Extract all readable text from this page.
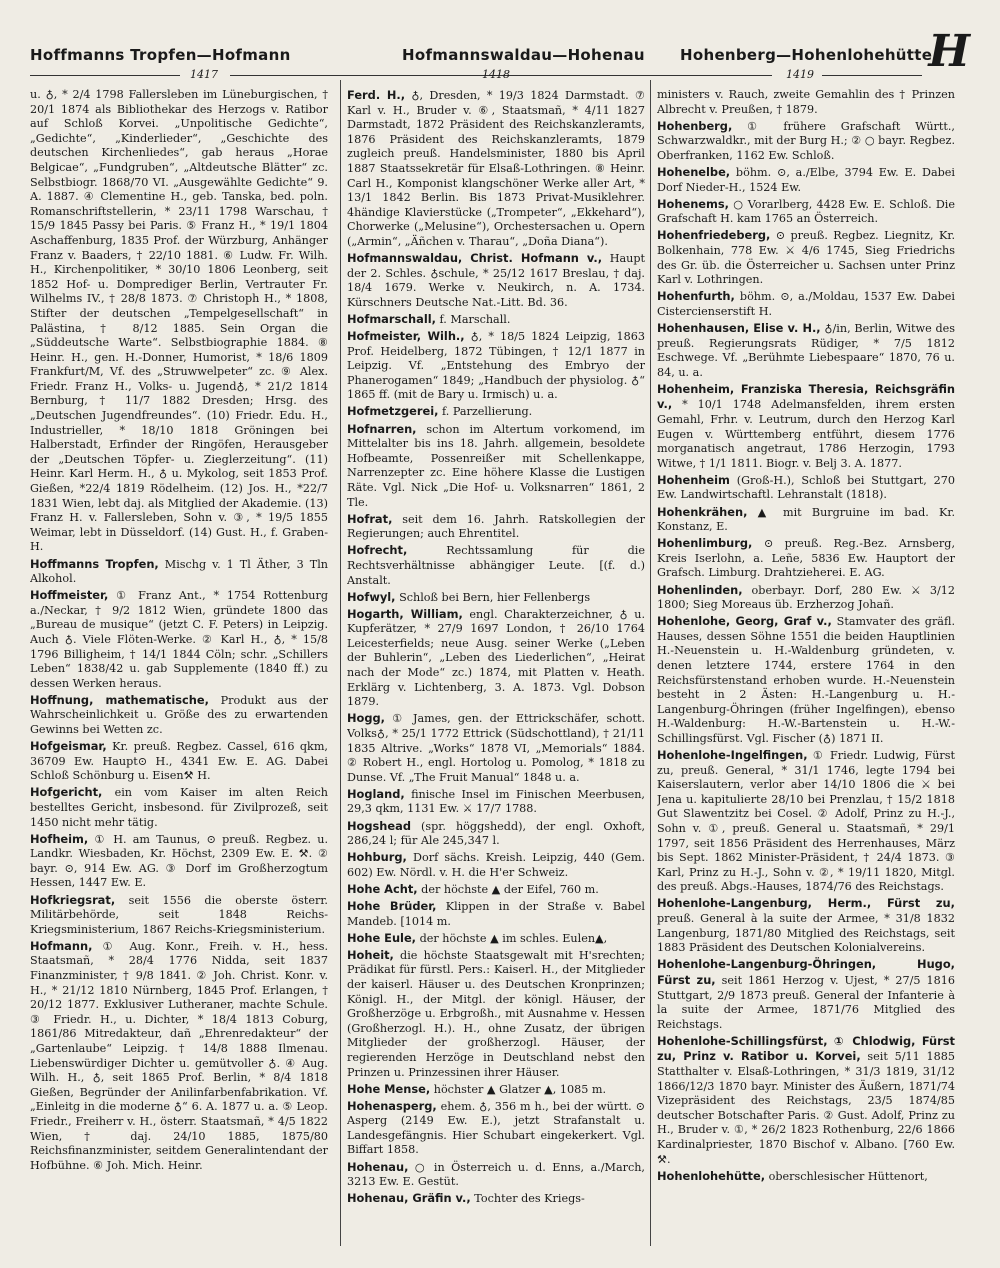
Hoffmanns Tropfen—Hofmann
1417
Hofmannswaldau—Hohenau
1418
Hohenberg—Hohenlohehütte
1419	H

u. ♁, * 2/4 1798 Fallersleben im Lüneburgischen, † 20/1 1874 als Bibliothekar des Herzogs v. Ratibor auf Schloß Korvei. „Unpolitische Gedichte“, „Gedichte“, „Kinderlieder“, „Geschichte des deutschen Kirchenliedes“, gab heraus „Horae Belgicae“, „Fundgruben“, „Altdeutsche Blätter“ zc. Selbstbiogr. 1868/70 VI. „Ausgewählte Gedichte“ 9. A. 1887. ④ Clementine H., geb. Tanska, bed. poln. Romanschriftstellerin, * 23/11 1798 Warschau, † 15/9 1845 Passy bei Paris. ⑤ Franz H., * 19/1 1804 Aschaffenburg, 1835 Prof. der Würzburg, Anhänger Franz v. Baaders, † 22/10 1881. ⑥ Ludw. Fr. Wilh. H., Kirchenpolitiker, * 30/10 1806 Leonberg, seit 1852 Hof- u. Domprediger Berlin, Vertrauter Fr. Wilhelms IV., † 28/8 1873. ⑦ Christoph H., * 1808, Stifter der deutschen „Tempelgesellschaft“ in Palästina, † 8/12 1885. Sein Organ die „Süddeutsche Warte“. Selbstbiographie 1884. ⑧ Heinr. H., gen. H.-Donner, Humorist, * 18/6 1809 Frankfurt/M, Vf. des „Struwwelpeter“ zc. ⑨ Alex. Friedr. Franz H., Volks- u. Jugend♁, * 21/2 1814 Bernburg, † 11/7 1882 Dresden; Hrsg. des „Deutschen Jugendfreundes“. (10) Friedr. Edu. H., Industrieller, * 18/10 1818 Gröningen bei Halberstadt, Erfinder der Ringöfen, Herausgeber der „Deutschen Töpfer- u. Zieglerzeitung“. (11) Heinr. Karl Herm. H., ♁ u. Mykolog, seit 1853 Prof. Gießen, *22/4 1819 Rödelheim. (12) Jos. H., *22/7 1831 Wien, lebt daj. als Mitglied der Akademie. (13) Franz H. v. Fallersleben, Sohn v. ③, * 19/5 1855 Weimar, lebt in Düsseldorf. (14) Gust. H., f. Graben-H.

Hoffmanns Tropfen, Mischg v. 1 Tl Äther, 3 Tln Alkohol.

Hoffmeister, ① Franz Ant., * 1754 Rottenburg a./Neckar, † 9/2 1812 Wien, gründete 1800 das „Bureau de musique“ (jetzt C. F. Peters) in Leipzig. Auch ♁. Viele Flöten-Werke. ② Karl H., ♁, * 15/8 1796 Billigheim, † 14/1 1844 Cöln; schr. „Schillers Leben“ 1838/42 u. gab Supplemente (1840 ff.) zu dessen Werken heraus.

Hoffnung, mathematische, Produkt aus der Wahrscheinlichkeit u. Größe des zu erwartenden Gewinns bei Wetten zc.

Hofgeismar, Kr. preuß. Regbez. Cassel, 616 qkm, 36709 Ew. Haupt⊙ H., 4341 Ew. E. AG. Dabei Schloß Schönburg u. Eisen⚒ H.

Hofgericht, ein vom Kaiser im alten Reich bestelltes Gericht, insbesond. für Zivilprozeß, seit 1450 nicht mehr tätig.

Hofheim, ① H. am Taunus, ⊙ preuß. Regbez. u. Landkr. Wiesbaden, Kr. Höchst, 2309 Ew. E. ⚒. ② bayr. ⊙, 914 Ew. AG. ③ Dorf im Großherzogtum Hessen, 1447 Ew. E.

Hofkriegsrat, seit 1556 die oberste österr. Militärbehörde, seit 1848 Reichs-Kriegsministerium, 1867 Reichs-Kriegsministerium.

Hofmann, ① Aug. Konr., Freih. v. H., hess. Staatsmañ, * 28/4 1776 Nidda, seit 1837 Finanzminister, † 9/8 1841. ② Joh. Christ. Konr. v. H., * 21/12 1810 Nürnberg, 1845 Prof. Erlangen, † 20/12 1877. Exklusiver Lutheraner, machte Schule. ③ Friedr. H., u. Dichter, * 18/4 1813 Coburg, 1861/86 Mitredakteur, dañ „Ehrenredakteur“ der „Gartenlaube“ Leipzig. † 14/8 1888 Ilmenau. Liebenswürdiger Dichter u. gemütvoller ♁. ④ Aug. Wilh. H., ♁, seit 1865 Prof. Berlin, * 8/4 1818 Gießen, Begründer der Anilinfarbenfabrikation. Vf. „Einleitg in die moderne ♁“ 6. A. 1877 u. a. ⑤ Leop. Friedr., Freiherr v. H., österr. Staatsmañ, * 4/5 1822 Wien, † daj. 24/10 1885, 1875/80 Reichsfinanzminister, seitdem Generalintendant der Hofbühne. ⑥ Joh. Mich. Heinr.

Ferd. H., ♁, Dresden, * 19/3 1824 Darmstadt. ⑦ Karl v. H., Bruder v. ⑥, Staatsmañ, * 4/11 1827 Darmstadt, 1872 Präsident des Reichskanzleramts, 1876 Präsident des Reichskanzleramts, 1879 zugleich preuß. Handelsminister, 1880 bis April 1887 Staatssekretär für Elsaß-Lothringen. ⑧ Heinr. Carl H., Komponist klangschöner Werke aller Art, * 13/1 1842 Berlin. Bis 1873 Privat-Musiklehrer. 4händige Klavierstücke („Trompeter“, „Ekkehard“), Chorwerke („Melusine“), Orchestersachen u. Opern („Armin“, „Äñchen v. Tharau“, „Doña Diana“).

Hofmannswaldau, Christ. Hofmann v., Haupt der 2. Schles. ♁schule, * 25/12 1617 Breslau, † daj. 18/4 1679. Werke v. Neukirch, n. A. 1734. Kürschners Deutsche Nat.-Litt. Bd. 36.

Hofmarschall, f. Marschall.

Hofmeister, Wilh., ♁, * 18/5 1824 Leipzig, 1863 Prof. Heidelberg, 1872 Tübingen, † 12/1 1877 in Leipzig. Vf. „Entstehung des Embryo der Phanerogamen“ 1849; „Handbuch der physiolog. ♁“ 1865 ff. (mit de Bary u. Irmisch) u. a.

Hofmetzgerei, f. Parzellierung.

Hofnarren, schon im Altertum vorkomend, im Mittelalter bis ins 18. Jahrh. allgemein, besoldete Hofbeamte, Possenreißer mit Schellenkappe, Narrenzepter zc. Eine höhere Klasse die Lustigen Räte. Vgl. Nick „Die Hof- u. Volksnarren“ 1861, 2 Tle.

Hofrat, seit dem 16. Jahrh. Ratskollegien der Regierungen; auch Ehrentitel.

Hofrecht,	Rechtssamlung für die Rechtsverhältnisse abhängiger Leute. [(f. d.) Anstalt.

Hofwyl, Schloß bei Bern, hier Fellenbergs

Hogarth, William, engl. Charakterzeichner, ♁ u. Kupferätzer, * 27/9 1697 London, † 26/10 1764 Leicesterfields; neue Ausg. seiner Werke („Leben der Buhlerin“, „Leben des Liederlichen“, „Heirat nach der Mode“ zc.) 1874, mit Platten v. Heath. Erklärg v. Lichtenberg, 3. A. 1873. Vgl. Dobson 1879.

Hogg, ① James, gen. der Ettrickschäfer, schott. Volks♁, * 25/1 1772 Ettrick (Südschottland), † 21/11 1835 Altrive. „Works“ 1878 VI, „Memorials“ 1884. ② Robert H., engl. Hortolog u. Pomolog, * 1818 zu Dunse. Vf. „The Fruit Manual“ 1848 u. a.

Hogland, finische Insel im Finischen Meerbusen, 29,3 qkm, 1131 Ew. ⚔ 17/7 1788.

Hogshead (spr. höggshedd), der engl. Oxhoft, 286,24 l; für Ale 245,347 l.

Hohburg, Dorf sächs. Kreish. Leipzig, 440 (Gem. 602) Ew. Nördl. v. H. die H'er Schweiz.

Hohe Acht, der höchste ▲ der Eifel, 760 m.

Hohe Brüder, Klippen in der Straße v. Babel Mandeb. [1014 m.

Hohe Eule, der höchste ▲ im schles. Eulen▲,

Hoheit, die höchste Staatsgewalt mit H'srechten; Prädikat für fürstl. Pers.: Kaiserl. H., der Mitglieder der kaiserl. Häuser u. des Deutschen Kronprinzen; Königl. H., der Mitgl. der königl. Häuser, der Großherzöge u. Erbgroßh., mit Ausnahme v. Hessen (Großherzogl. H.). H., ohne Zusatz, der übrigen Mitglieder der großherzogl. Häuser, der regierenden Herzöge in Deutschland nebst den Prinzen u. Prinzessinen ihrer Häuser.

Hohe Mense, höchster ▲ Glatzer ▲, 1085 m.

Hohenasperg, ehem. ♁, 356 m h., bei der württ. ⊙ Asperg (2149 Ew. E.), jetzt Strafanstalt u. Landesgefängnis. Hier Schubart eingekerkert. Vgl. Biffart 1858.

Hohenau, ○ in Österreich u. d. Enns, a./March, 3213 Ew. E. Gestüt.

Hohenau, Gräfin v., Tochter des Kriegs-

ministers v. Rauch, zweite Gemahlin des † Prinzen Albrecht v. Preußen, † 1879.

Hohenberg, ① frühere Grafschaft Württ., Schwarzwaldkr., mit der Burg H.; ② ○ bayr. Regbez. Oberfranken, 1162 Ew. Schloß.

Hohenelbe, böhm. ⊙, a./Elbe, 3794 Ew. E. Dabei Dorf Nieder-H., 1524 Ew.

Hohenems, ○ Vorarlberg, 4428 Ew. E. Schloß. Die Grafschaft H. kam 1765 an Österreich.

Hohenfriedeberg, ⊙ preuß. Regbez. Liegnitz, Kr. Bolkenhain, 778 Ew. ⚔ 4/6 1745, Sieg Friedrichs des Gr. üb. die Österreicher u. Sachsen unter Prinz Karl v. Lothringen.

Hohenfurth, böhm. ⊙, a./Moldau, 1537 Ew. Dabei Cistercienserstift H.

Hohenhausen, Elise v. H., ♁/in, Berlin, Witwe des preuß. Regierungsrats Rüdiger, * 7/5 1812 Eschwege. Vf. „Berühmte Liebespaare“ 1870, 76 u. 84, u. a.

Hohenheim, Franziska Theresia, Reichsgräfin v., * 10/1 1748 Adelmansfelden, ihrem ersten Gemahl, Frhr. v. Leutrum, durch den Herzog Karl Eugen v. Württemberg entführt, diesem 1776 morganatisch angetraut, 1786 Herzogin, 1793 Witwe, † 1/1 1811. Biogr. v. Belj 3. A. 1877.

Hohenheim (Groß-H.), Schloß bei Stuttgart, 270 Ew. Landwirtschaftl. Lehranstalt (1818).

Hohenkrähen, ▲ mit Burgruine im bad. Kr. Konstanz, E.

Hohenlimburg, ⊙ preuß. Reg.-Bez. Arnsberg, Kreis Iserlohn, a. Leñe, 5836 Ew. Hauptort der Grafsch. Limburg. Drahtzieherei. E. AG.

Hohenlinden, oberbayr. Dorf, 280 Ew. ⚔ 3/12 1800; Sieg Moreaus üb. Erzherzog Johañ.

Hohenlohe, Georg, Graf v., Stamvater des gräfl. Hauses, dessen Söhne 1551 die beiden Hauptlinien H.-Neuenstein u. H.-Waldenburg gründeten, v. denen letztere 1744, erstere 1764 in den Reichsfürstenstand erhoben wurde. H.-Neuenstein besteht in 2 Ästen: H.-Langenburg u. H.-Langenburg-Öhringen (früher Ingelfingen), ebenso H.-Waldenburg: H.-W.-Bartenstein u. H.-W.-Schillingsfürst. Vgl. Fischer (♁) 1871 II.

Hohenlohe-Ingelfingen, ① Friedr. Ludwig, Fürst zu, preuß. General, * 31/1 1746, legte 1794 bei Kaiserslautern, verlor aber 14/10 1806 die ⚔ bei Jena u. kapitulierte 28/10 bei Prenzlau, † 15/2 1818 Gut Slawentzitz bei Cosel. ② Adolf, Prinz zu H.-J., Sohn v. ①, preuß. General u. Staatsmañ, * 29/1 1797, seit 1856 Präsident des Herrenhauses, März bis Sept. 1862 Minister-Präsident, † 24/4 1873. ③ Karl, Prinz zu H.-J., Sohn v. ②, * 19/11 1820, Mitgl. des preuß. Abgs.-Hauses, 1874/76 des Reichstags.

Hohenlohe-Langenburg, Herm., Fürst zu, preuß. General à la suite der Armee, * 31/8 1832 Langenburg, 1871/80 Mitglied des Reichstags, seit 1883 Präsident des Deutschen Kolonialvereins.

Hohenlohe-Langenburg-Öhringen, Hugo, Fürst zu, seit 1861 Herzog v. Ujest, * 27/5 1816 Stuttgart, 2/9 1873 preuß. General der Infanterie à la suite der Armee, 1871/76 Mitglied des Reichstags.

Hohenlohe-Schillingsfürst, ① Chlodwig, Fürst zu, Prinz v. Ratibor u. Korvei, seit 5/11 1885 Statthalter v. Elsaß-Lothringen, * 31/3 1819, 31/12 1866/12/3 1870 bayr. Minister des Äußern, 1871/74 Vizepräsident des Reichstags, 23/5 1874/85 deutscher Botschafter Paris. ② Gust. Adolf, Prinz zu H., Bruder v. ①, * 26/2 1823 Rothenburg, 22/6 1866 Kardinalpriester, 1870 Bischof v. Albano. [760 Ew. ⚒.

Hohenlohehütte, oberschlesischer Hüttenort,
